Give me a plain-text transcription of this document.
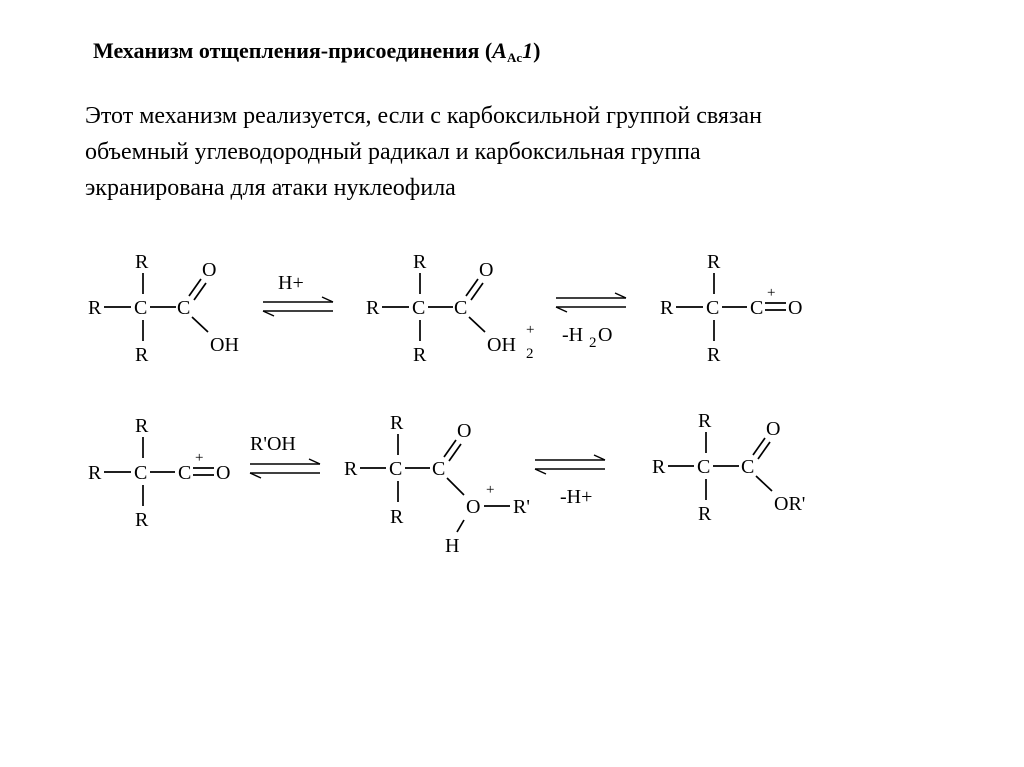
Механизм отщепления-присоединения $(A_{Ac}1)$
Этот механизм реализуется, если с карбоксильной группой связан
объемный углеводородный радикал и карбоксильная группа
экранирована для атаки нуклеофила
R
R C C
R
O
OH
H+
R
R C C
R
O
OH 2
+ -H 2 O
R
R C C
+
O
R
R
R C C
+
O
R
R'OH
R
R C C
R
O
+
O R'
H
-H+
R
R C C
R
O
OR'
